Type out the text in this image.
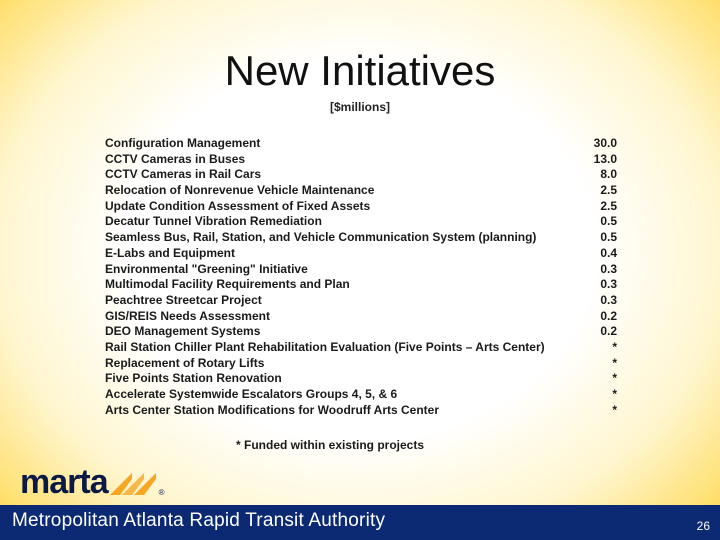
New Initiatives
[$millions]
Configuration Management	30.0
CCTV Cameras in Buses	13.0
CCTV Cameras in Rail Cars	8.0
Relocation of Nonrevenue Vehicle Maintenance	2.5
Update Condition Assessment of Fixed Assets	2.5
Decatur Tunnel Vibration Remediation	0.5
Seamless Bus, Rail, Station, and Vehicle Communication System (planning)	0.5
E-Labs and Equipment	0.4
Environmental "Greening" Initiative	0.3
Multimodal Facility Requirements and Plan	0.3
Peachtree Streetcar Project	0.3
GIS/REIS Needs Assessment	0.2
DEO Management Systems	0.2
Rail Station Chiller Plant Rehabilitation Evaluation (Five Points – Arts Center)	*
Replacement of Rotary Lifts	*
Five Points Station Renovation	*
Accelerate Systemwide Escalators Groups 4, 5, & 6	*
Arts Center Station Modifications for Woodruff Arts Center	*
* Funded within existing projects
marta	®
Metropolitan Atlanta Rapid Transit Authority	26
